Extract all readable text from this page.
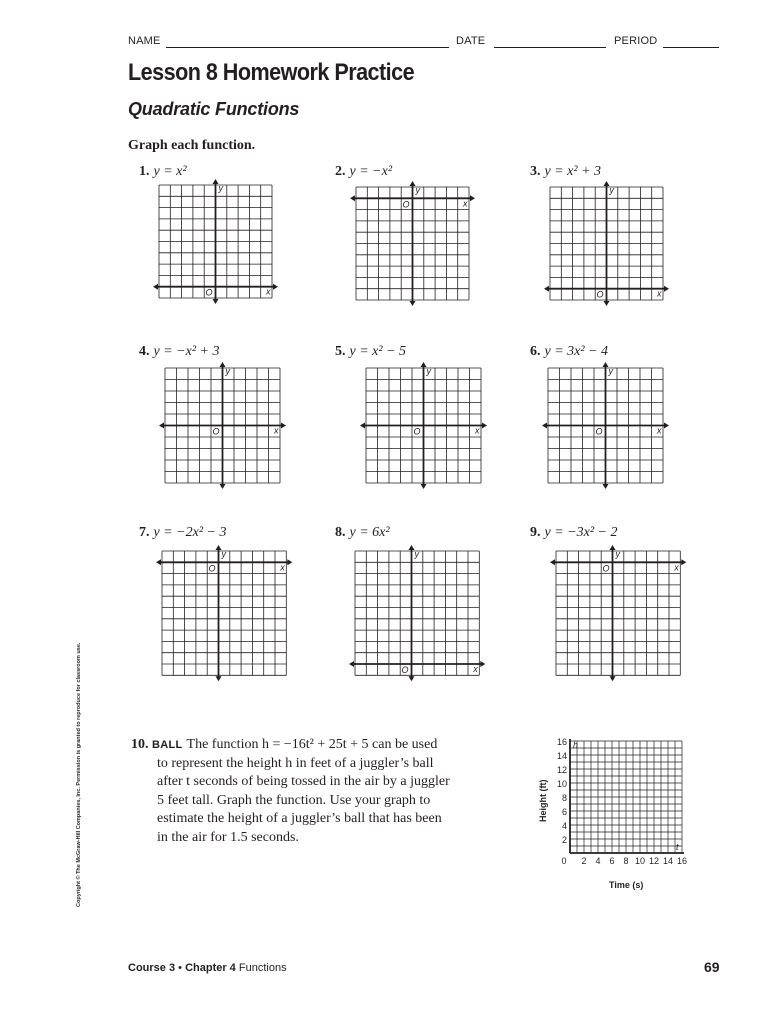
NAME	DATE	PERIOD
Lesson 8 Homework Practice
Quadratic Functions
Graph each function.
1. y = x²	2. y = −x²	3. y = x² + 3
4. y = −x² + 3	5. y = x² − 5	6. y = 3x² − 4
7. y = −2x² − 3	8. y = 6x²	9. y = −3x² − 2
y
x
O
y
x
O
y
x
O
y
x
O
y
x
O
y
x
O
y
x
O
y
x
O
y
x
O
10. BALL The function h = −16t² + 25t + 5 can be used
to represent the height h in feet of a juggler’s ball
after t seconds of being tossed in the air by a juggler
5 feet tall. Graph the function. Use your graph to
estimate the height of a juggler’s ball that has been
in the air for 1.5 seconds.
h
t
16
14
12
10
8
6
4
2
0 2 4 6 8 10 12 14 16
Height (ft)
Time (s)
Copyright © The McGraw-Hill Companies, Inc. Permission is granted to reproduce for classroom use.
Course 3 • Chapter 4 Functions	69
